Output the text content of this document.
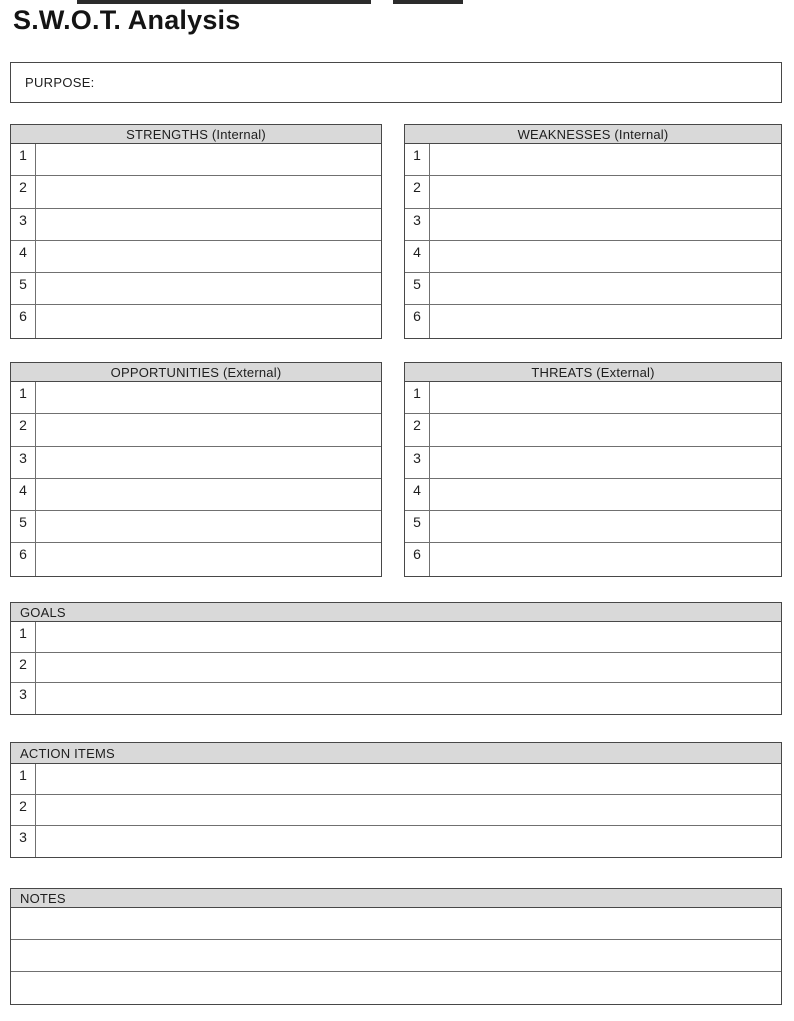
S.W.O.T. Analysis
PURPOSE:
STRENGTHS (Internal)
1
2
3
4
5
6
WEAKNESSES (Internal)
1
2
3
4
5
6
OPPORTUNITIES (External)
1
2
3
4
5
6
THREATS (External)
1
2
3
4
5
6
GOALS
1
2
3
ACTION ITEMS
1
2
3
NOTES
